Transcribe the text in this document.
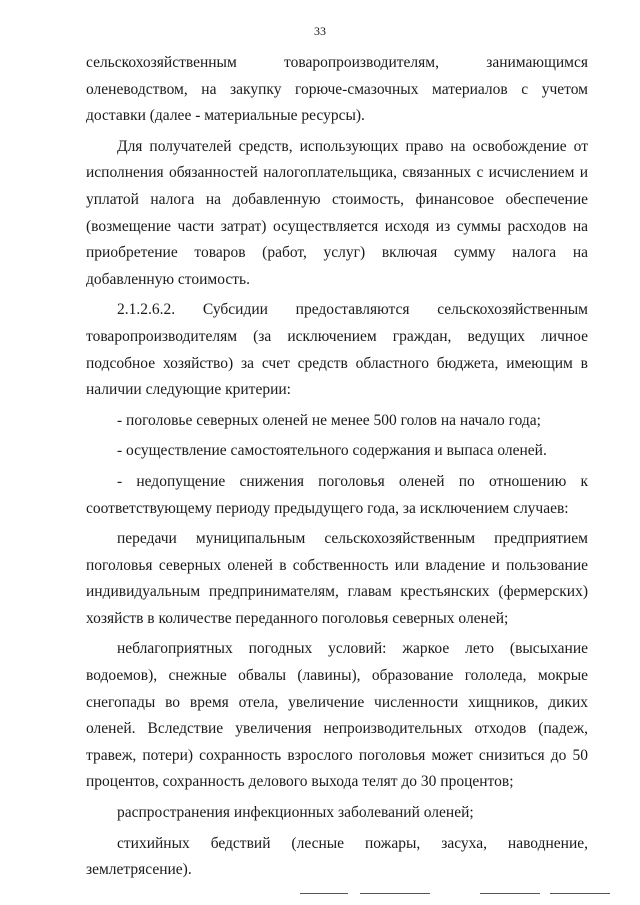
33

сельскохозяйственным товаропроизводителям, занимающимся оленеводством, на закупку горюче-смазочных материалов с учетом доставки (далее - материальные ресурсы).

Для получателей средств, использующих право на освобождение от исполнения обязанностей налогоплательщика, связанных с исчислением и уплатой налога на добавленную стоимость, финансовое обеспечение (возмещение части затрат) осуществляется исходя из суммы расходов на приобретение товаров (работ, услуг) включая сумму налога на добавленную стоимость.

2.1.2.6.2. Субсидии предоставляются сельскохозяйственным товаропроизводителям (за исключением граждан, ведущих личное подсобное хозяйство) за счет средств областного бюджета, имеющим в наличии следующие критерии:

- поголовье северных оленей не менее 500 голов на начало года;

- осуществление самостоятельного содержания и выпаса оленей.

- недопущение снижения поголовья оленей по отношению к соответствующему периоду предыдущего года, за исключением случаев:

передачи муниципальным сельскохозяйственным предприятием поголовья северных оленей в собственность или владение и пользование индивидуальным предпринимателям, главам крестьянских (фермерских) хозяйств в количестве переданного поголовья северных оленей;

неблагоприятных погодных условий: жаркое лето (высыхание водоемов), снежные обвалы (лавины), образование гололеда, мокрые снегопады во время отела, увеличение численности хищников, диких оленей. Вследствие увеличения непроизводительных отходов (падеж, травеж, потери) сохранность взрослого поголовья может снизиться до 50 процентов, сохранность делового выхода телят до 30 процентов;

распространения инфекционных заболеваний оленей;

стихийных бедствий (лесные пожары, засуха, наводнение, землетрясение).
